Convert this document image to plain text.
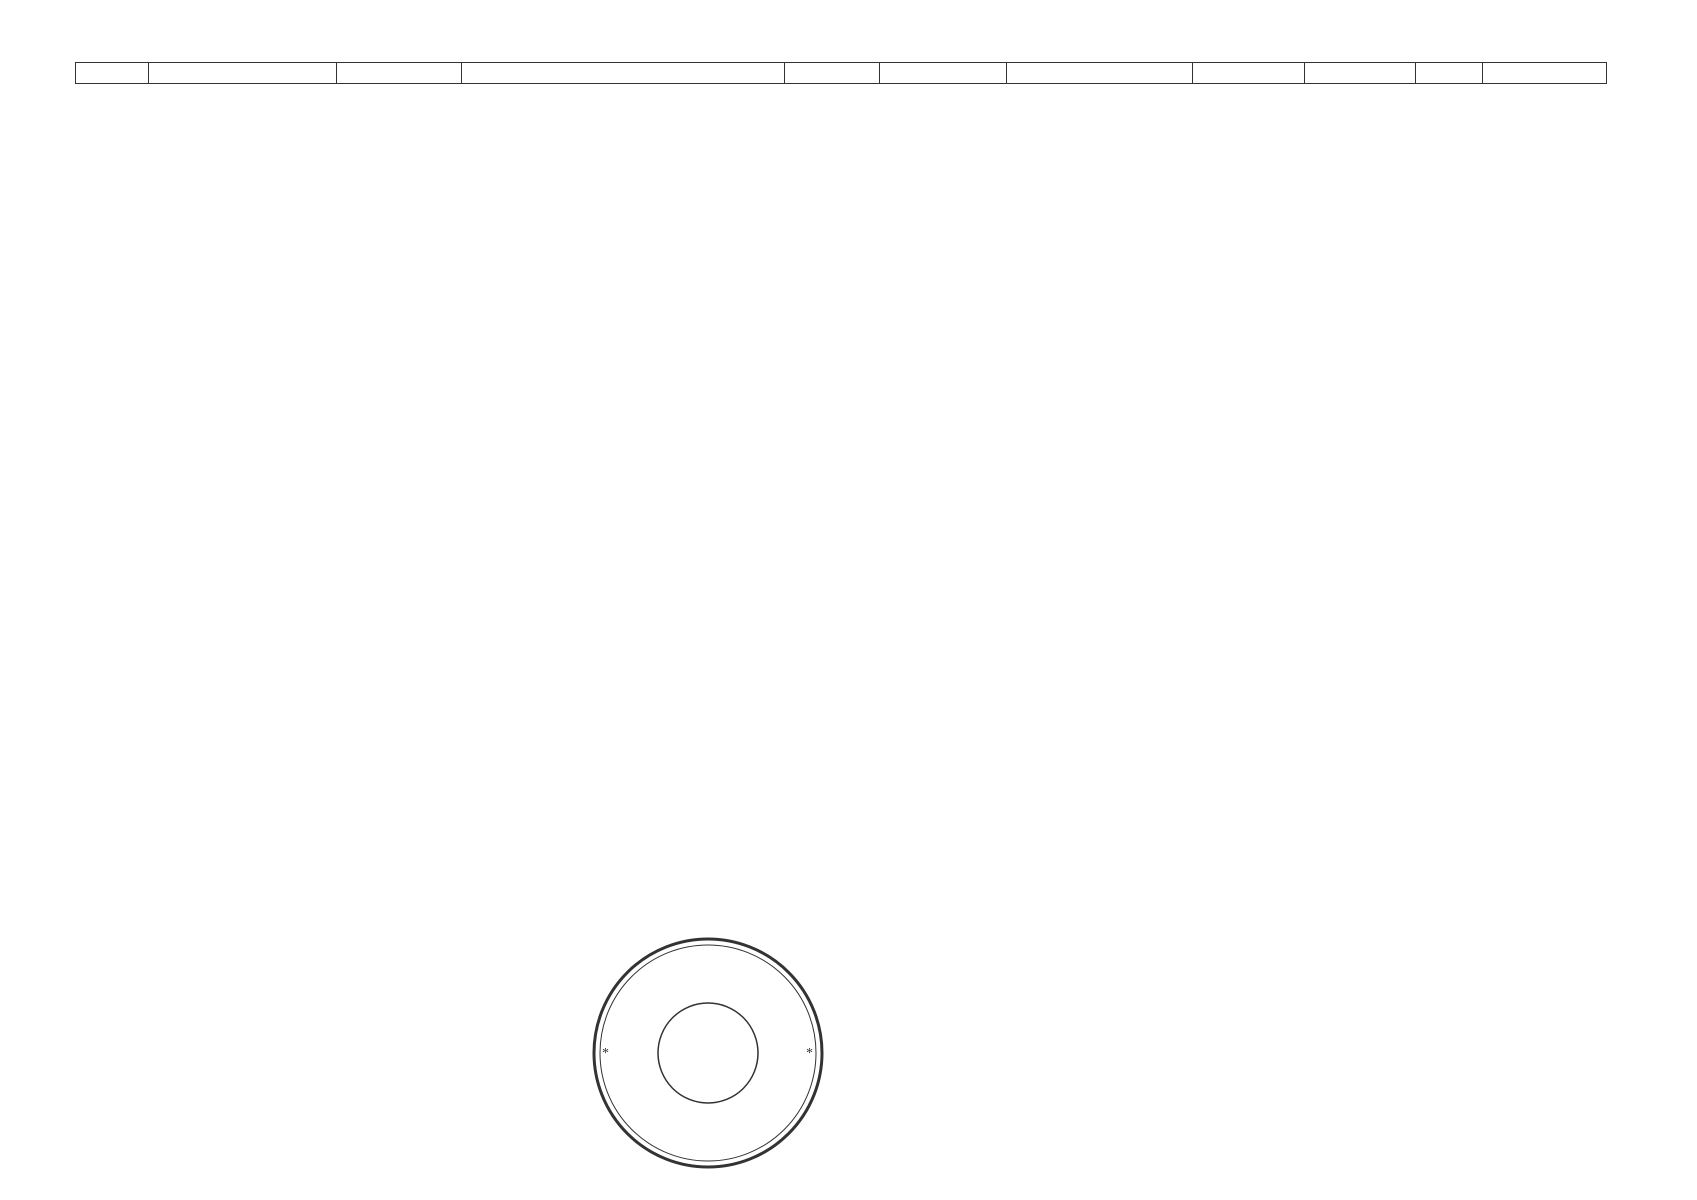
*	*
